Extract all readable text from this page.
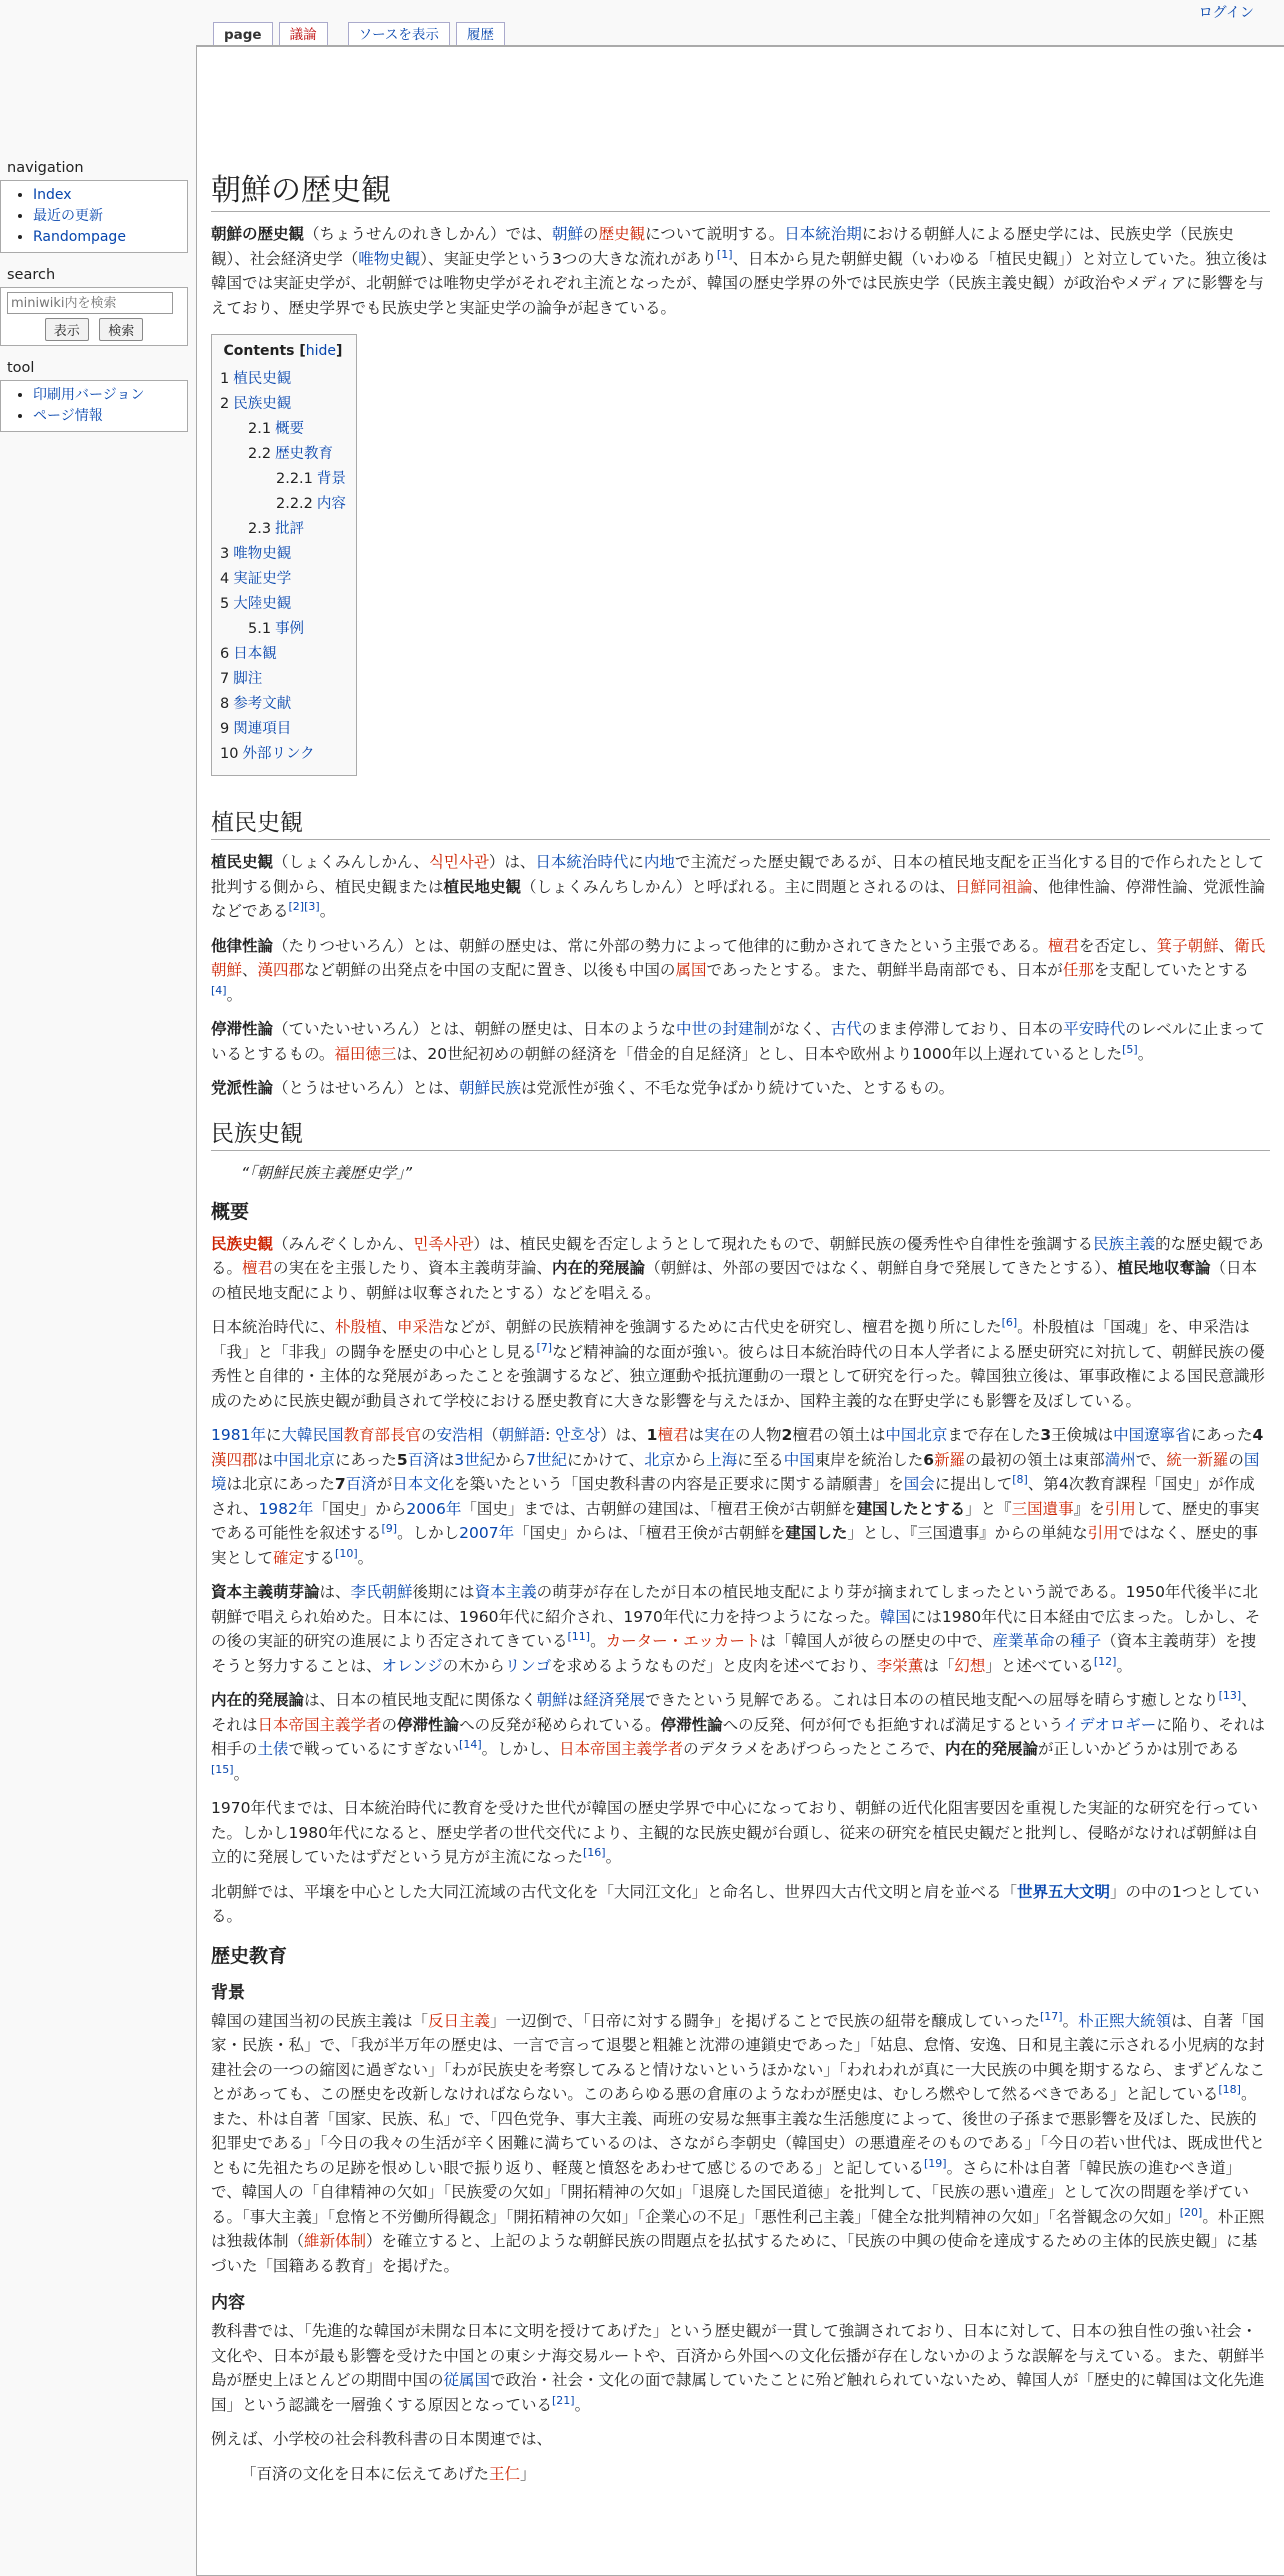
ログイン
page	議論	ソースを表示	履歴
navigation
• Index
• 最近の更新
• Randompage
search
miniwiki内を検索
表示 検索
tool
• 印刷用バージョン
• ページ情報
朝鮮の歴史観

朝鮮の歴史観（ちょうせんのれきしかん）では、朝鮮の歴史観について説明する。日本統治期における朝鮮人による歴史学には、民族史学（民族史観）、社会経済史学（唯物史観）、実証史学という3つの大きな流れがあり[1]、日本から見た朝鮮史観（いわゆる「植民史観」）と対立していた。独立後は韓国では実証史学が、北朝鮮では唯物史学がそれぞれ主流となったが、韓国の歴史学界の外では民族史学（民族主義史観）が政治やメディアに影響を与えており、歴史学界でも民族史学と実証史学の論争が起きている。

Contents [hide]
1 植民史観
2 民族史観
2.1 概要
2.2 歴史教育
2.2.1 背景
2.2.2 内容
2.3 批評
3 唯物史観
4 実証史学
5 大陸史観
5.1 事例
6 日本観
7 脚注
8 参考文献
9 関連項目
10 外部リンク
植民史観

植民史観（しょくみんしかん、식민사관）は、日本統治時代に内地で主流だった歴史観であるが、日本の植民地支配を正当化する目的で作られたとして批判する側から、植民史観または植民地史観（しょくみんちしかん）と呼ばれる。主に問題とされるのは、日鮮同祖論、他律性論、停滞性論、党派性論などである[2][3]。

他律性論（たりつせいろん）とは、朝鮮の歴史は、常に外部の勢力によって他律的に動かされてきたという主張である。檀君を否定し、箕子朝鮮、衛氏朝鮮、漢四郡など朝鮮の出発点を中国の支配に置き、以後も中国の属国であったとする。また、朝鮮半島南部でも、日本が任那を支配していたとする[4]。

停滞性論（ていたいせいろん）とは、朝鮮の歴史は、日本のような中世の封建制がなく、古代のまま停滞しており、日本の平安時代のレベルに止まっているとするもの。福田徳三は、20世紀初めの朝鮮の経済を「借金的自足経済」とし、日本や欧州より1000年以上遅れているとした[5]。

党派性論（とうはせいろん）とは、朝鮮民族は党派性が強く、不毛な党争ばかり続けていた、とするもの。

民族史観
“「朝鮮民族主義歴史学」”
概要

民族史観（みんぞくしかん、민족사관）は、植民史観を否定しようとして現れたもので、朝鮮民族の優秀性や自律性を強調する民族主義的な歴史観である。檀君の実在を主張したり、資本主義萌芽論、内在的発展論（朝鮮は、外部の要因ではなく、朝鮮自身で発展してきたとする）、植民地収奪論（日本の植民地支配により、朝鮮は収奪されたとする）などを唱える。

日本統治時代に、朴殷植、申采浩などが、朝鮮の民族精神を強調するために古代史を研究し、檀君を拠り所にした[6]。朴殷植は「国魂」を、申采浩は「我」と「非我」の闘争を歴史の中心とし見る[7]など精神論的な面が強い。彼らは日本統治時代の日本人学者による歴史研究に対抗して、朝鮮民族の優秀性と自律的・主体的な発展があったことを強調するなど、独立運動や抵抗運動の一環として研究を行った。韓国独立後は、軍事政権による国民意識形成のために民族史観が動員されて学校における歴史教育に大きな影響を与えたほか、国粋主義的な在野史学にも影響を及ぼしている。

1981年に大韓民国教育部長官の安浩相（朝鮮語: 안호상）は、1檀君は実在の人物2檀君の領土は中国北京まで存在した3王倹城は中国遼寧省にあった4漢四郡は中国北京にあった5百済は3世紀から7世紀にかけて、北京から上海に至る中国東岸を統治した6新羅の最初の領土は東部満州で、統一新羅の国境は北京にあった7百済が日本文化を築いたという「国史教科書の内容是正要求に関する請願書」を国会に提出して[8]、第4次教育課程「国史」が作成され、1982年「国史」から2006年「国史」までは、古朝鮮の建国は、「檀君王倹が古朝鮮を建国したとする」と『三国遺事』を引用して、歴史的事実である可能性を叙述する[9]。しかし2007年「国史」からは、「檀君王倹が古朝鮮を建国した」とし、『三国遺事』からの単純な引用ではなく、歴史的事実として確定する[10]。

資本主義萌芽論は、李氏朝鮮後期には資本主義の萌芽が存在したが日本の植民地支配により芽が摘まれてしまったという説である。1950年代後半に北朝鮮で唱えられ始めた。日本には、1960年代に紹介され、1970年代に力を持つようになった。韓国には1980年代に日本経由で広まった。しかし、その後の実証的研究の進展により否定されてきている[11]。カーター・エッカートは「韓国人が彼らの歴史の中で、産業革命の種子（資本主義萌芽）を捜そうと努力することは、オレンジの木からリンゴを求めるようなものだ」と皮肉を述べており、李栄薫は「幻想」と述べている[12]。

内在的発展論は、日本の植民地支配に関係なく朝鮮は経済発展できたという見解である。これは日本のの植民地支配への屈辱を晴らす癒しとなり[13]、それは日本帝国主義学者の停滞性論への反発が秘められている。停滞性論への反発、何が何でも拒絶すれば満足するというイデオロギーに陥り、それは相手の土俵で戦っているにすぎない[14]。しかし、日本帝国主義学者のデタラメをあげつらったところで、内在的発展論が正しいかどうかは別である[15]。

1970年代までは、日本統治時代に教育を受けた世代が韓国の歴史学界で中心になっており、朝鮮の近代化阻害要因を重視した実証的な研究を行っていた。しかし1980年代になると、歴史学者の世代交代により、主観的な民族史観が台頭し、従来の研究を植民史観だと批判し、侵略がなければ朝鮮は自立的に発展していたはずだという見方が主流になった[16]。

北朝鮮では、平壌を中心とした大同江流域の古代文化を「大同江文化」と命名し、世界四大古代文明と肩を並べる「世界五大文明」の中の1つとしている。

歴史教育
背景

韓国の建国当初の民族主義は「反日主義」一辺倒で、「日帝に対する闘争」を掲げることで民族の紐帯を醸成していった[17]。朴正煕大統領は、自著「国家・民族・私」で、「我が半万年の歴史は、一言で言って退嬰と粗雑と沈滞の連鎖史であった」「姑息、怠惰、安逸、日和見主義に示される小児病的な封建社会の一つの縮図に過ぎない」「わが民族史を考察してみると情けないというほかない」「われわれが真に一大民族の中興を期するなら、まずどんなことがあっても、この歴史を改新しなければならない。このあらゆる悪の倉庫のようなわが歴史は、むしろ燃やして然るべきである」と記している[18]。また、朴は自著「国家、民族、私」で、「四色党争、事大主義、両班の安易な無事主義な生活態度によって、後世の子孫まで悪影響を及ぼした、民族的犯罪史である」「今日の我々の生活が辛く困難に満ちているのは、さながら李朝史（韓国史）の悪遺産そのものである」「今日の若い世代は、既成世代とともに先祖たちの足跡を恨めしい眼で振り返り、軽蔑と憤怒をあわせて感じるのである」と記している[19]。さらに朴は自著「韓民族の進むべき道」で、韓国人の「自律精神の欠如」「民族愛の欠如」「開拓精神の欠如」「退廃した国民道徳」を批判して、「民族の悪い遺産」として次の問題を挙げている。「事大主義」「怠惰と不労働所得観念」「開拓精神の欠如」「企業心の不足」「悪性利己主義」「健全な批判精神の欠如」「名誉観念の欠如」[20]。朴正煕は独裁体制（維新体制）を確立すると、上記のような朝鮮民族の問題点を払拭するために、「民族の中興の使命を達成するための主体的民族史観」に基づいた「国籍ある教育」を掲げた。

内容

教科書では、「先進的な韓国が未開な日本に文明を授けてあげた」という歴史観が一貫して強調されており、日本に対して、日本の独自性の強い社会・文化や、日本が最も影響を受けた中国との東シナ海交易ルートや、百済から外国への文化伝播が存在しないかのような誤解を与えている。また、朝鮮半島が歴史上ほとんどの期間中国の従属国で政治・社会・文化の面で隷属していたことに殆ど触れられていないため、韓国人が「歴史的に韓国は文化先進国」という認識を一層強くする原因となっている[21]。

例えば、小学校の社会科教科書の日本関連では、

「百済の文化を日本に伝えてあげた王仁」
